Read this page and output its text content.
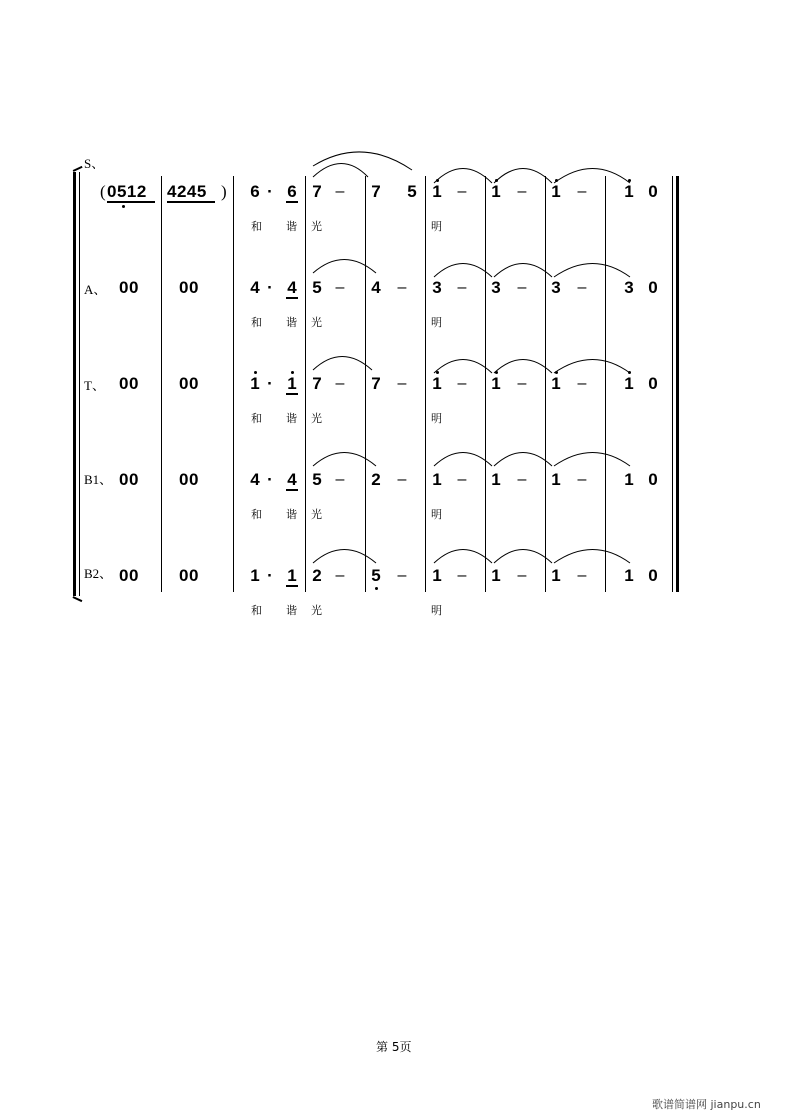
S、
( 0512 4245 ) 6 · 6 7 – 7 5 1 – 1 – 1 – 1 0
和 谐 光	明
A、 00 00	4 · 4 5 – 4 – 3 – 3 – 3 – 3 0
和 谐 光	明
T、 00 00	1 · 1 7 – 7 – 1 – 1 – 1 – 1 0
和 谐 光	明
B1、 00 00	4 · 4 5 – 2 – 1 – 1 – 1 – 1 0
和 谐 光	明
B2、 00 00	1 · 1 2 – 5 – 1 – 1 – 1 – 1 0
和 谐 光	明
第 5页
歌谱简谱网 jianpu.cn
